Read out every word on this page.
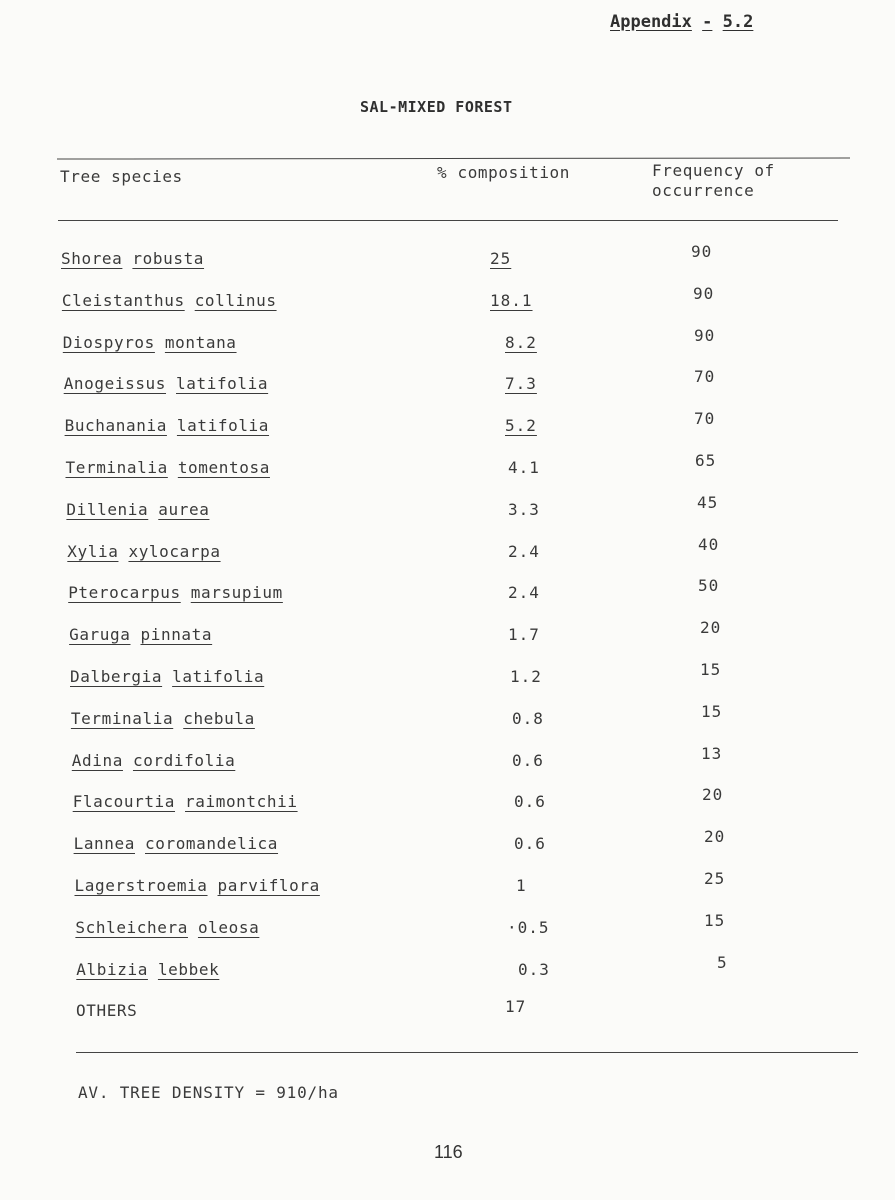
Appendix - 5.2
SAL-MIXED FOREST
Tree species	% composition	Frequency of
occurrence
Shorea robusta	25	90
Cleistanthus collinus	18.1	90
Diospyros montana	8.2	90
Anogeissus latifolia	7.3	70
Buchanania latifolia	5.2	70
Terminalia tomentosa	4.1	65
Dillenia aurea	3.3	45
Xylia xylocarpa	2.4	40
Pterocarpus marsupium	2.4	50
Garuga pinnata	1.7	20
Dalbergia latifolia	1.2	15
Terminalia chebula	0.8	15
Adina cordifolia	0.6	13
Flacourtia raimontchii	0.6	20
Lannea coromandelica	0.6	20
Lagerstroemia parviflora	1	25
Schleichera oleosa	·0.5	15
Albizia lebbek	0.3	5
OTHERS	17
AV. TREE DENSITY = 910/ha
116
